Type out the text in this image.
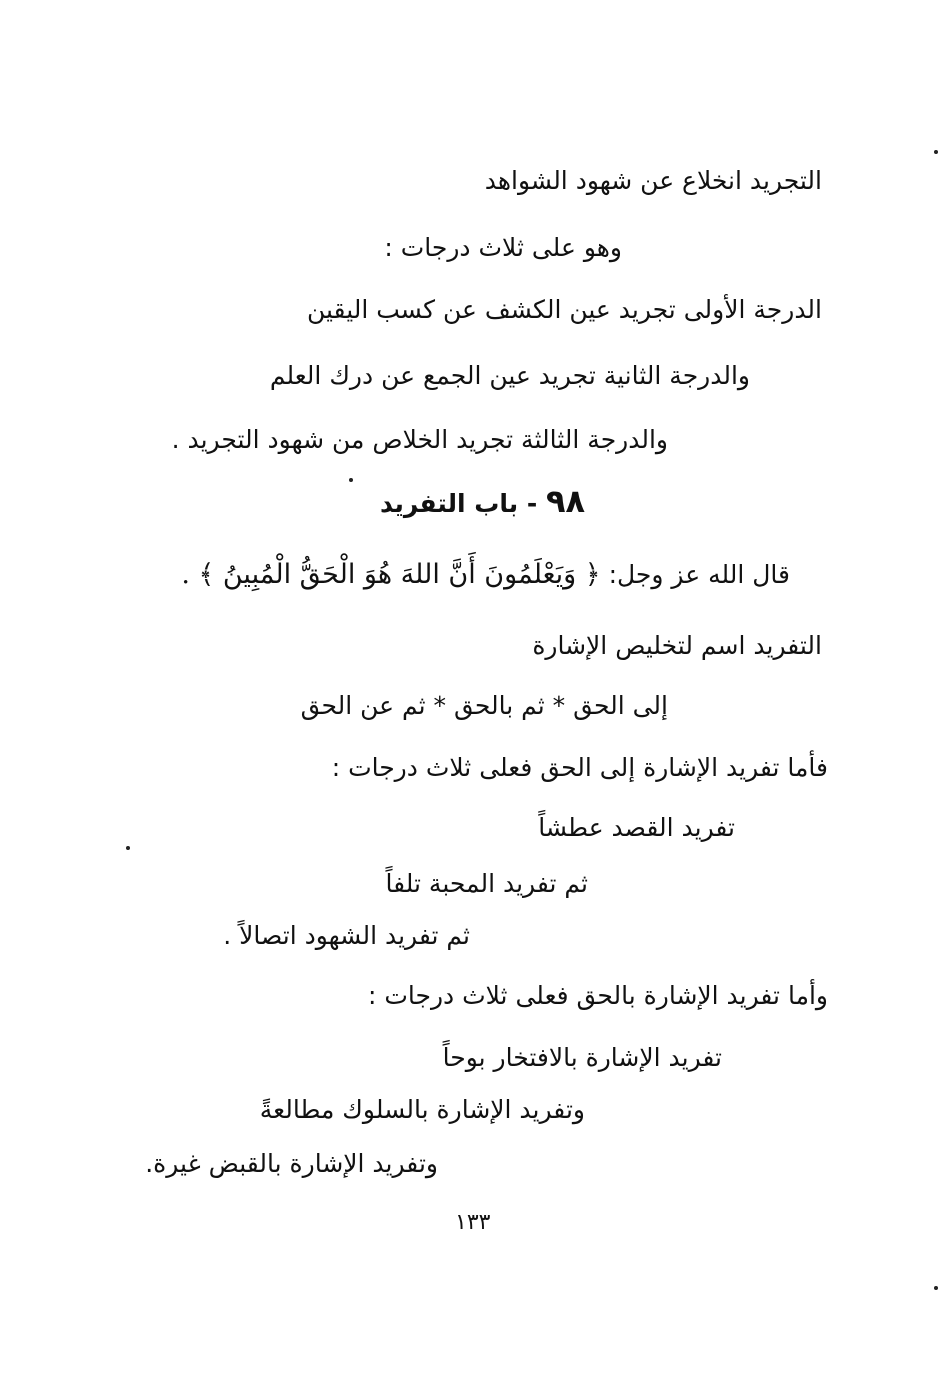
التجريد انخلاع عن شهود الشواهد
وهو على ثلاث درجات :
الدرجة الأولى تجريد عين الكشف عن كسب اليقين
والدرجة الثانية تجريد عين الجمع عن درك العلم
والدرجة الثالثة تجريد الخلاص من شهود التجريد .
٩٨ - باب التفريد
قال الله عز وجل: ﴿ وَيَعْلَمُونَ أَنَّ اللهَ هُوَ الْحَقُّ الْمُبِينُ ﴾ .
التفريد اسم لتخليص الإشارة
إلى الحق * ثم بالحق * ثم عن الحق
فأما تفريد الإشارة إلى الحق فعلى ثلاث درجات :
تفريد القصد عطشاً
ثم تفريد المحبة تلفاً
ثم تفريد الشهود اتصالاً .
وأما تفريد الإشارة بالحق فعلى ثلاث درجات :
تفريد الإشارة بالافتخار بوحاً
وتفريد الإشارة بالسلوك مطالعةً
وتفريد الإشارة بالقبض غيرة.
١٣٣
